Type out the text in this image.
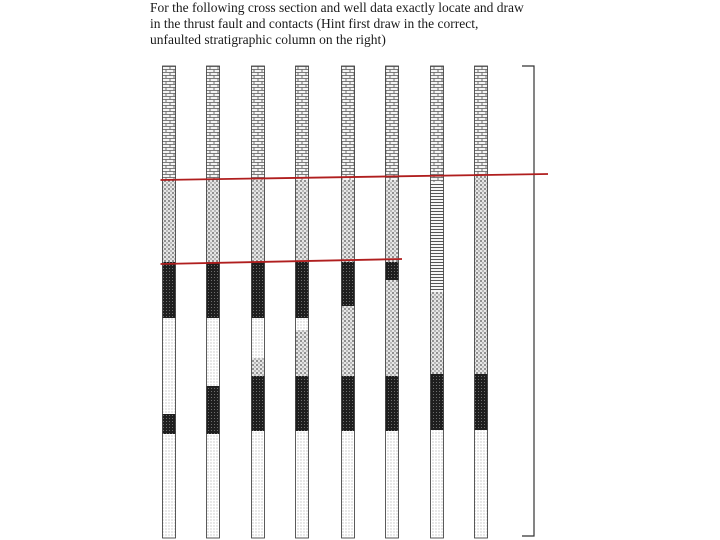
For the following cross section and well data exactly locate and draw
in the thrust fault and contacts (Hint first draw in the correct,
unfaulted stratigraphic column on the right)
